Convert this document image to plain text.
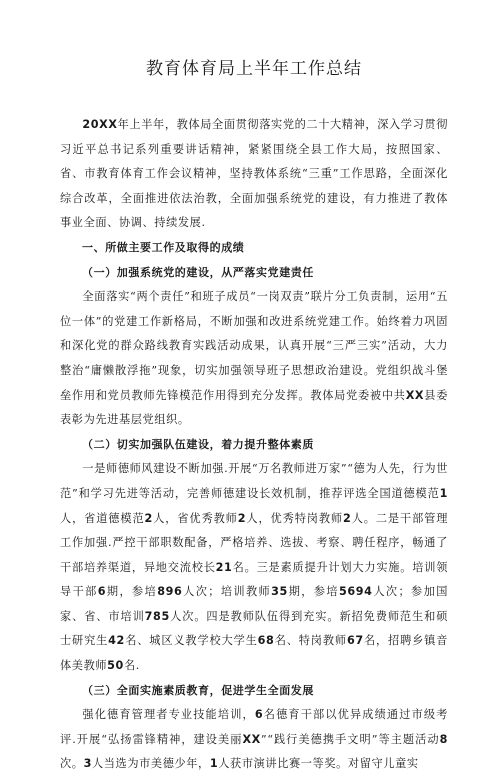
教育体育局上半年工作总结

20XX年上半年，教体局全面贯彻落实党的二十大精神，深入学习贯彻习近平总书记系列重要讲话精神，紧紧围绕全县工作大局，按照国家、省、市教育体育工作会议精神，坚持教体系统“三重”工作思路，全面深化综合改革，全面推进依法治教，全面加强系统党的建设，有力推进了教体事业全面、协调、持续发展.

一、所做主要工作及取得的成绩

（一）加强系统党的建设，从严落实党建责任

全面落实“两个责任”和班子成员“一岗双责”联片分工负责制，运用“五位一体”的党建工作新格局，不断加强和改进系统党建工作。始终着力巩固和深化党的群众路线教育实践活动成果，认真开展“三严三实”活动，大力整治“庸懒散浮拖”现象，切实加强领导班子思想政治建设。党组织战斗堡垒作用和党员教师先锋模范作用得到充分发挥。教体局党委被中共XX县委表彰为先进基层党组织。

（二）切实加强队伍建设，着力提升整体素质

一是师德师风建设不断加强.开展“万名教师进万家”“德为人先，行为世范”和学习先进等活动，完善师德建设长效机制，推荐评选全国道德模范1人，省道德模范2人，省优秀教师2人，优秀特岗教师2人。二是干部管理工作加强.严控干部职数配备，严格培养、选拔、考察、聘任程序，畅通了干部培养渠道，异地交流校长21名。三是素质提升计划大力实施。培训领导干部6期，参培896人次；培训教师35期，参培5694人次；参加国家、省、市培训785人次。四是教师队伍得到充实。新招免费师范生和硕士研究生42名、城区义教学校大学生68名、特岗教师67名，招聘乡镇音体美教师50名.

（三）全面实施素质教育，促进学生全面发展

强化德育管理者专业技能培训，6名德育干部以优异成绩通过市级考评.开展“弘扬雷锋精神，建设美丽XX”“践行美德携手文明”等主题活动8次。3人当选为市美德少年，1人获市演讲比赛一等奖。对留守儿童实
